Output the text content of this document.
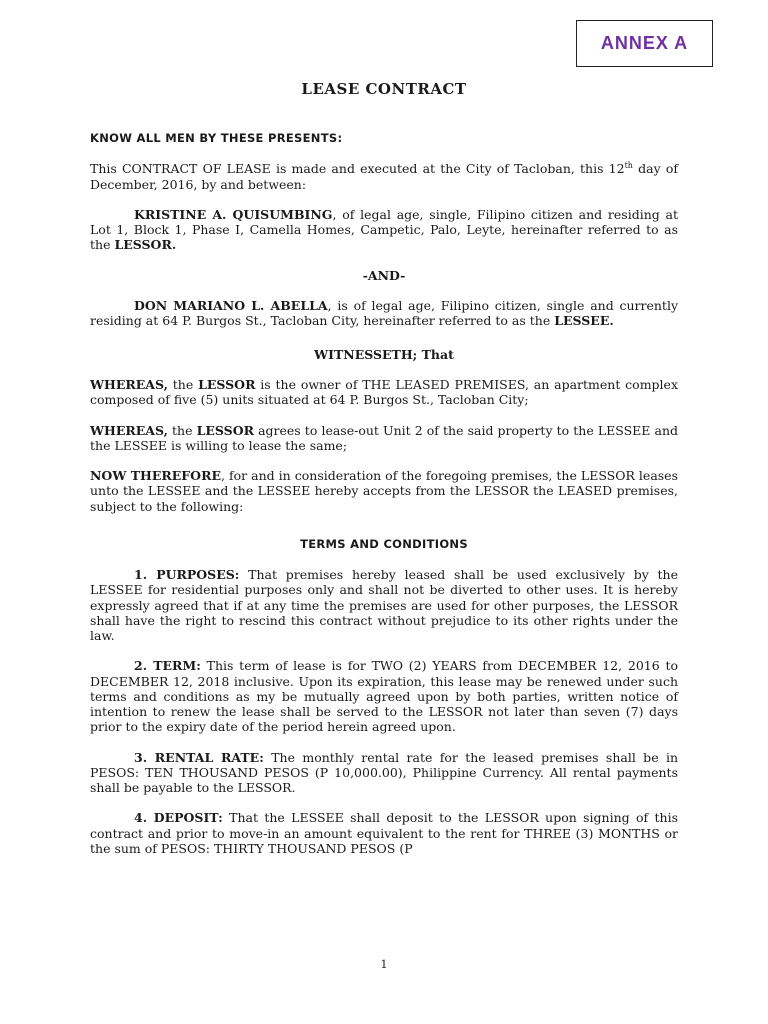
ANNEX A
LEASE CONTRACT

KNOW ALL MEN BY THESE PRESENTS:

This CONTRACT OF LEASE is made and executed at the City of Tacloban, this 12th day of December, 2016, by and between:

KRISTINE A. QUISUMBING, of legal age, single, Filipino citizen and residing at Lot 1, Block 1, Phase I, Camella Homes, Campetic, Palo, Leyte, hereinafter referred to as the LESSOR.

-AND-

DON MARIANO L. ABELLA, is of legal age, Filipino citizen, single and currently residing at 64 P. Burgos St., Tacloban City, hereinafter referred to as the LESSEE.

WITNESSETH; That

WHEREAS, the LESSOR is the owner of THE LEASED PREMISES, an apartment complex composed of five (5) units situated at 64 P. Burgos St., Tacloban City;

WHEREAS, the LESSOR agrees to lease-out Unit 2 of the said property to the LESSEE and the LESSEE is willing to lease the same;

NOW THEREFORE, for and in consideration of the foregoing premises, the LESSOR leases unto the LESSEE and the LESSEE hereby accepts from the LESSOR the LEASED premises, subject to the following:

TERMS AND CONDITIONS

1. PURPOSES: That premises hereby leased shall be used exclusively by the LESSEE for residential purposes only and shall not be diverted to other uses. It is hereby expressly agreed that if at any time the premises are used for other purposes, the LESSOR shall have the right to rescind this contract without prejudice to its other rights under the law.

2. TERM: This term of lease is for TWO (2) YEARS from DECEMBER 12, 2016 to DECEMBER 12, 2018 inclusive. Upon its expiration, this lease may be renewed under such terms and conditions as my be mutually agreed upon by both parties, written notice of intention to renew the lease shall be served to the LESSOR not later than seven (7) days prior to the expiry date of the period herein agreed upon.

3. RENTAL RATE: The monthly rental rate for the leased premises shall be in PESOS: TEN THOUSAND PESOS (P 10,000.00), Philippine Currency. All rental payments shall be payable to the LESSOR.

4. DEPOSIT: That the LESSEE shall deposit to the LESSOR upon signing of this contract and prior to move-in an amount equivalent to the rent for THREE (3) MONTHS or the sum of PESOS: THIRTY THOUSAND PESOS (P

1
